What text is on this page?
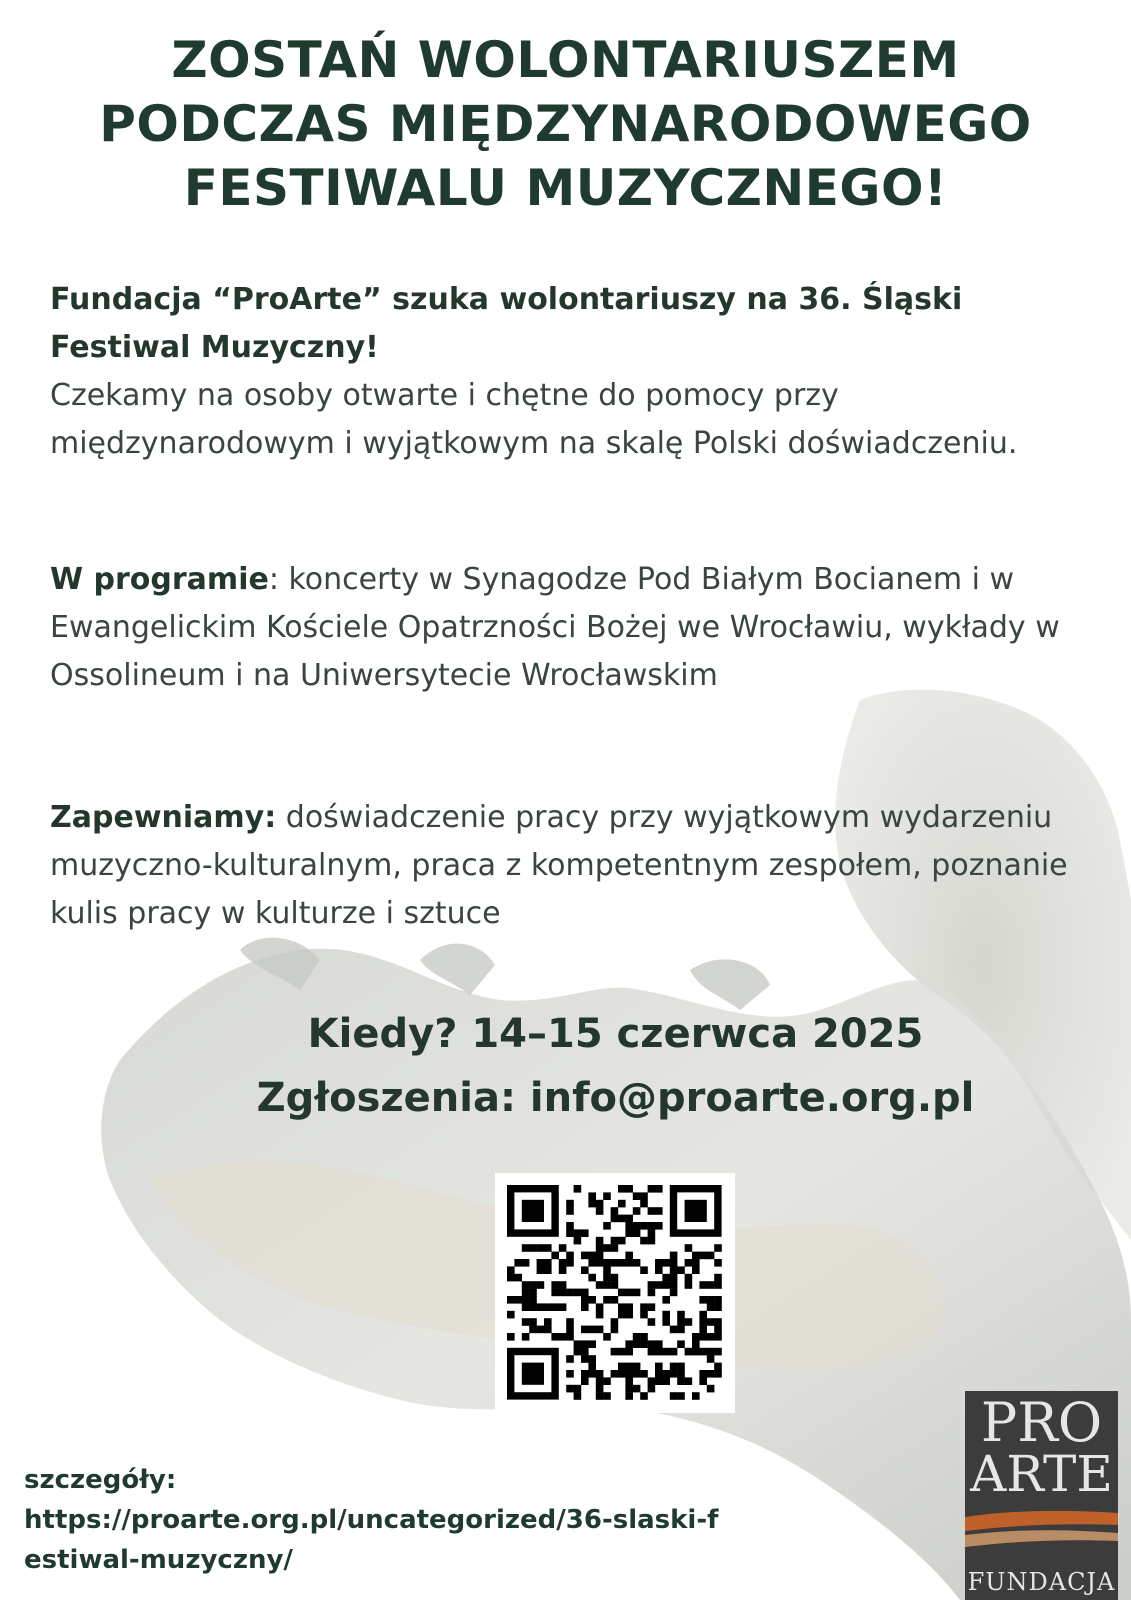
ZOSTAŃ WOLONTARIUSZEM
PODCZAS MIĘDZYNARODOWEGO
FESTIWALU MUZYCZNEGO!
Fundacja “ProArte” szuka wolontariuszy na 36. Śląski Festiwal Muzyczny!
Czekamy na osoby otwarte i chętne do pomocy przy międzynarodowym i wyjątkowym na skalę Polski doświadczeniu.
W programie: koncerty w Synagodze Pod Białym Bocianem i w Ewangelickim Kościele Opatrzności Bożej we Wrocławiu, wykłady w Ossolineum i na Uniwersytecie Wrocławskim
Zapewniamy: doświadczenie pracy przy wyjątkowym wydarzeniu muzyczno-kulturalnym, praca z kompetentnym zespołem, poznanie kulis pracy w kulturze i sztuce
Kiedy? 14–15 czerwca 2025
Zgłoszenia: info@proarte.org.pl
szczegóły:
https://proarte.org.pl/uncategorized/36-slaski-festiwal-muzyczny/
PRO
ARTE
FUNDACJA
